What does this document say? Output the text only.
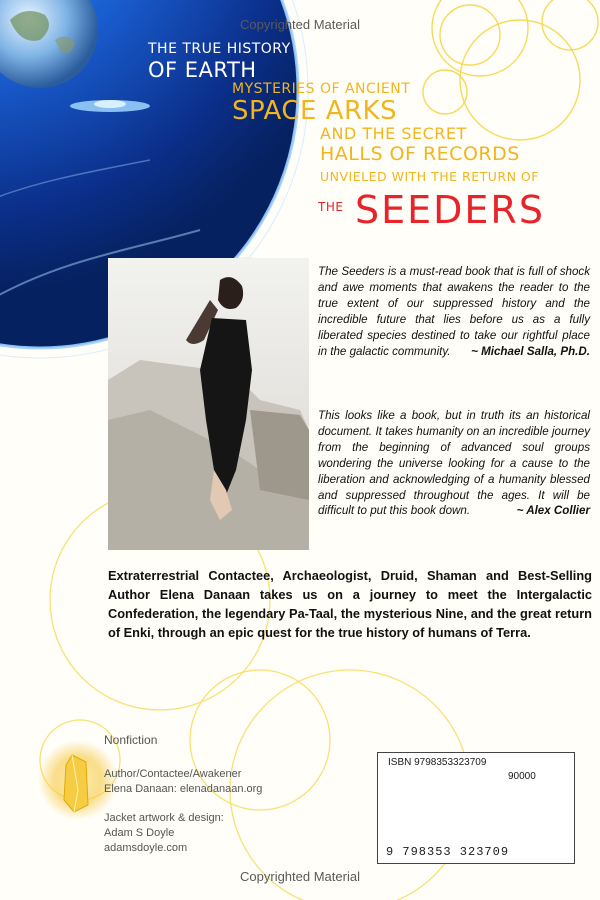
Copyrighted Material
THE TRUE HISTORY
OF EARTH
MYSTERIES OF ANCIENT
SPACE ARKS
AND THE SECRET
HALLS OF RECORDS
UNVIELED WITH THE RETURN OF
THE SEEDERS
The Seeders is a must-read book that is full of shock and awe moments that awakens the reader to the true extent of our suppressed history and the incredible future that lies before us as a fully liberated species destined to take our rightful place in the galactic community. ~ Michael Salla, Ph.D.
This looks like a book, but in truth its an historical document. It takes humanity on an incredible journey from the beginning of advanced soul groups wondering the universe looking for a cause to the liberation and acknowledging of a humanity blessed and suppressed throughout the ages. It will be difficult to put this book down.	~ Alex Collier
Extraterrestrial Contactee, Archaeologist, Druid, Shaman and Best-Selling Author Elena Danaan takes us on a journey to meet the Intergalactic Confederation, the legendary Pa-Taal, the mysterious Nine, and the great return of Enki, through an epic quest for the true history of humans of Terra.
Nonfiction
Author/Contactee/Awakener
Elena Danaan: elenadanaan.org
Jacket artwork & design:
Adam S Doyle
adamsdoyle.com
ISBN 9798353323709
90000
9 798353 323709
Copyrighted Material
